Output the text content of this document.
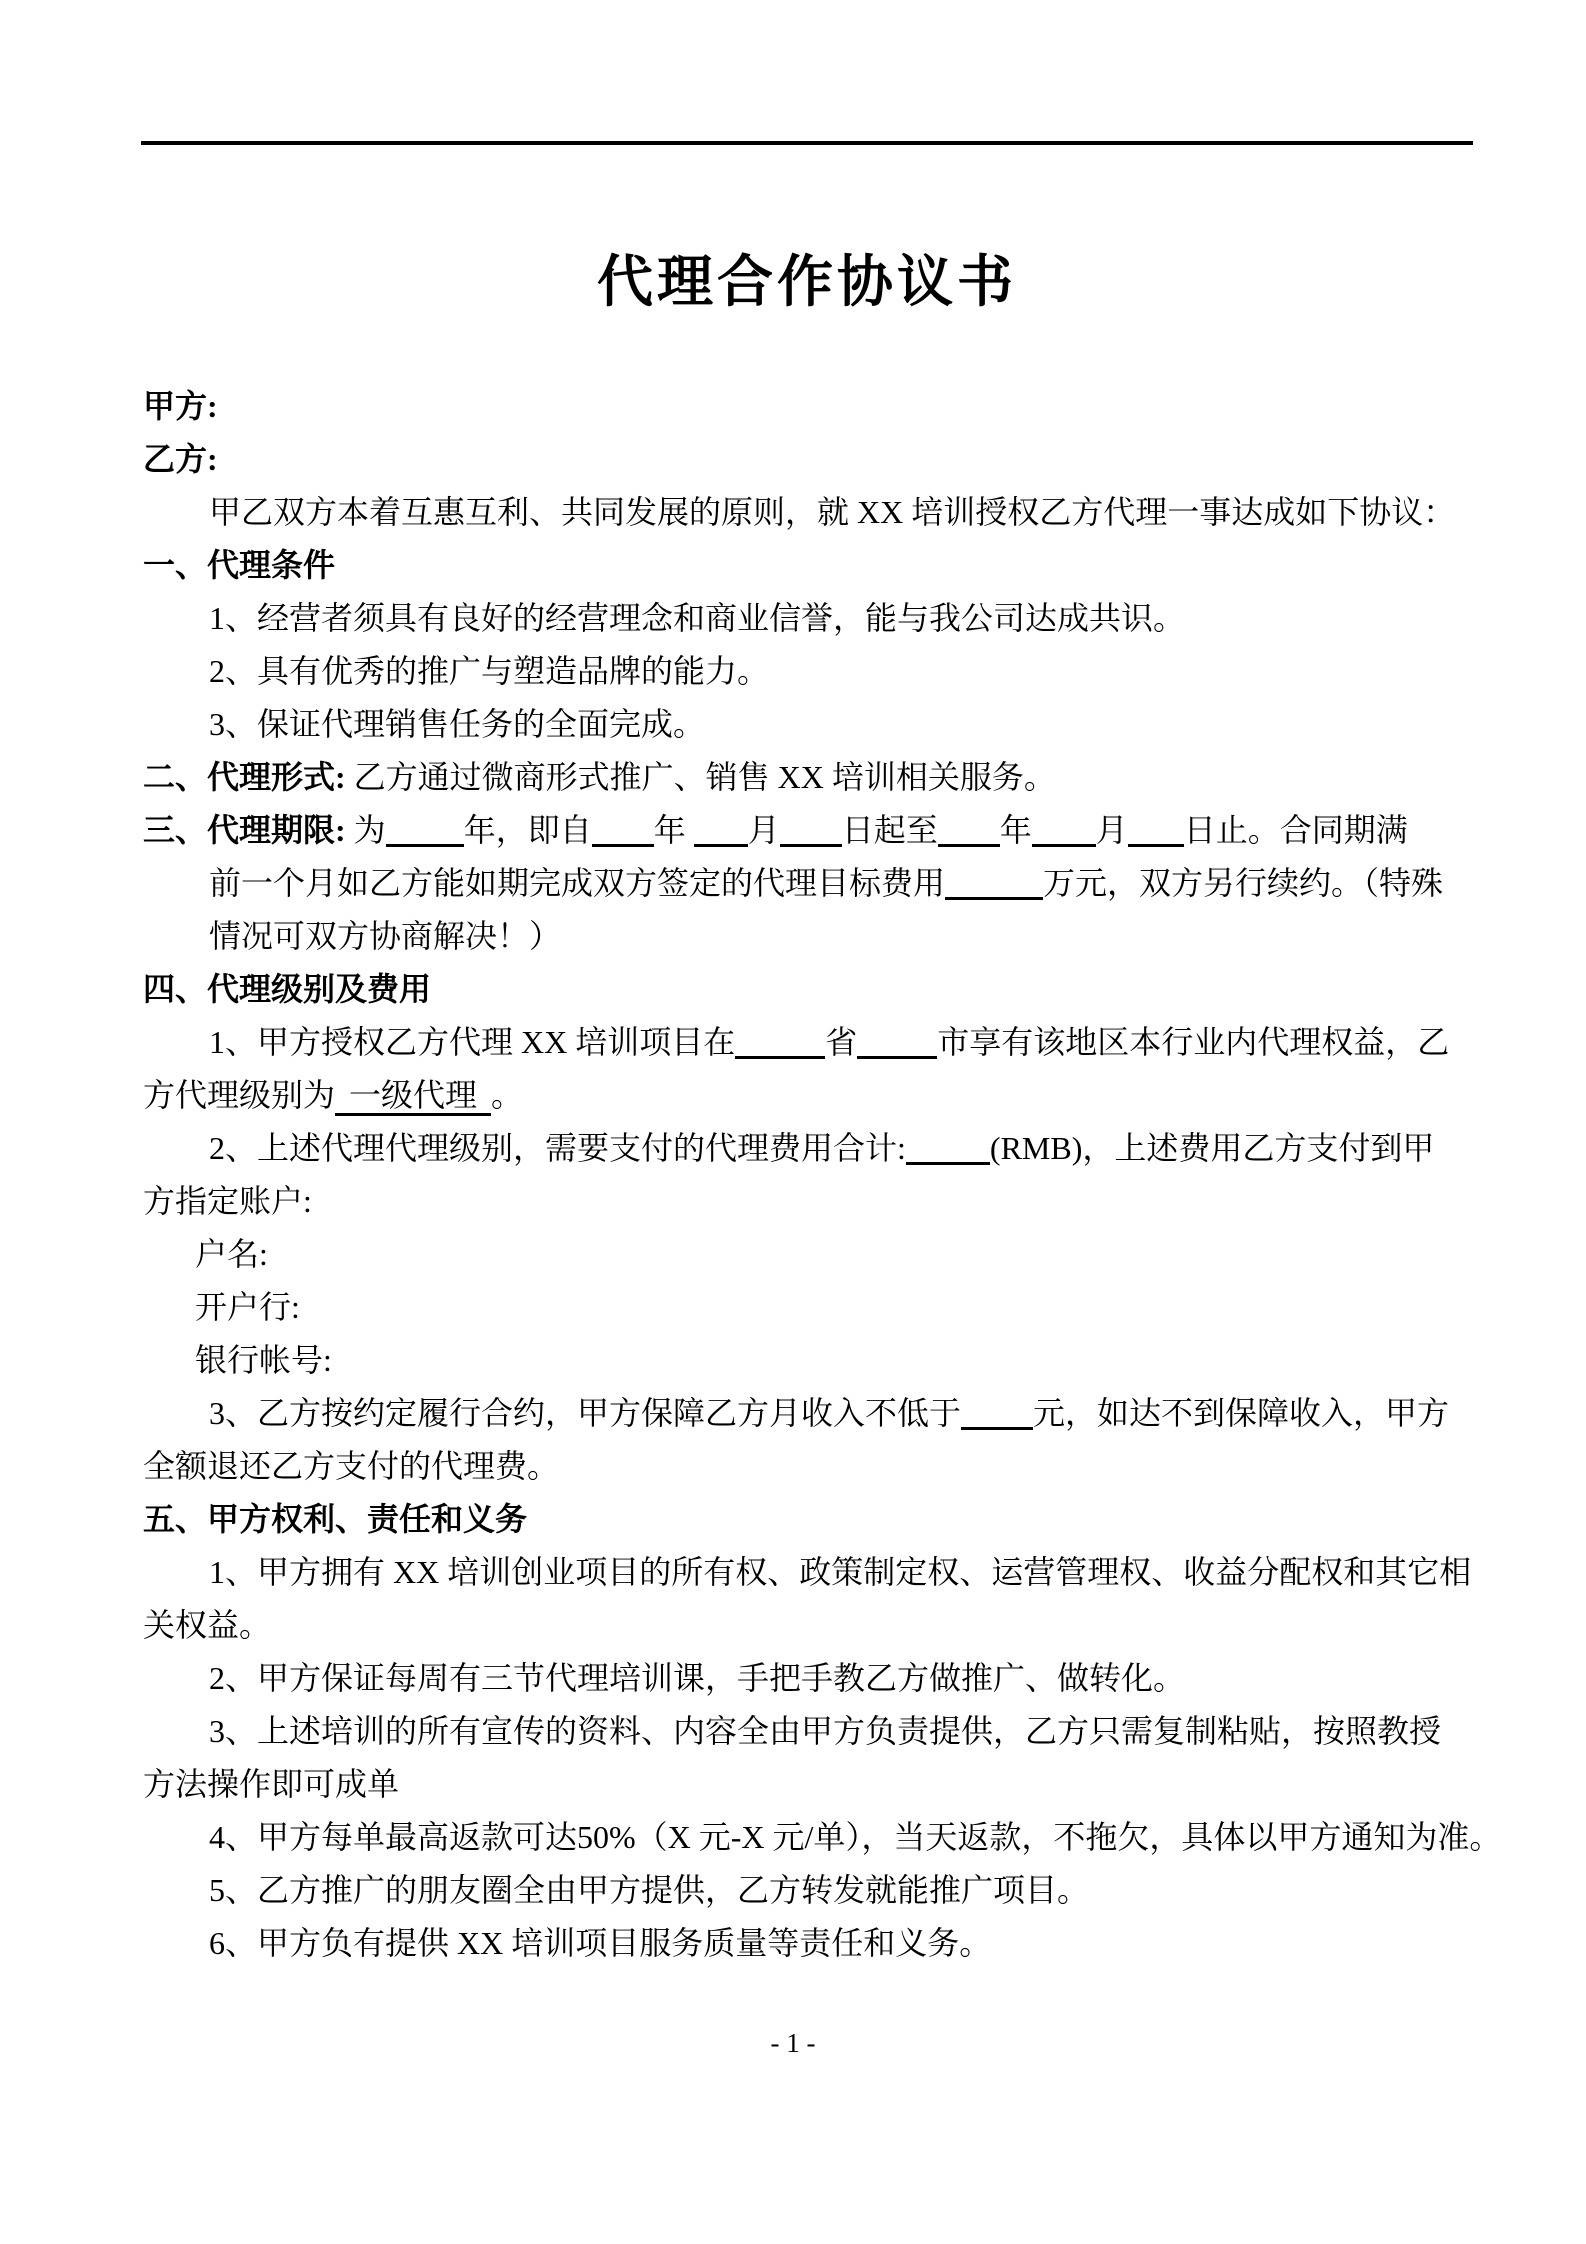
代理合作协议书
甲方:
乙方:
甲乙双方本着互惠互利、共同发展的原则，就 XX 培训授权乙方代理一事达成如下协议：
一、代理条件
1、经营者须具有良好的经营理念和商业信誉，能与我公司达成共识。
2、具有优秀的推广与塑造品牌的能力。
3、保证代理销售任务的全面完成。
二、代理形式: 乙方通过微商形式推广、销售 XX 培训相关服务。
三、代理期限: 为 年，即自 年 月 日起至 年 月 日止。合同期满
前一个月如乙方能如期完成双方签定的代理目标费用	万元，双方另行续约。（特殊
情况可双方协商解决！）
四、代理级别及费用
1、甲方授权乙方代理 XX 培训项目在	省	市享有该地区本行业内代理权益，乙
方代理级别为 一级代理 。
2、上述代理代理级别，需要支付的代理费用合计:	(RMB)，上述费用乙方支付到甲
方指定账户:
户名:
开户行:
银行帐号:
3、乙方按约定履行合约，甲方保障乙方月收入不低于 元，如达不到保障收入，甲方
全额退还乙方支付的代理费。
五、甲方权利、责任和义务
1、甲方拥有 XX 培训创业项目的所有权、政策制定权、运营管理权、收益分配权和其它相
关权益。
2、甲方保证每周有三节代理培训课，手把手教乙方做推广、做转化。
3、上述培训的所有宣传的资料、内容全由甲方负责提供，乙方只需复制粘贴，按照教授
方法操作即可成单
4、甲方每单最高返款可达50%（X 元-X 元/单），当天返款，不拖欠，具体以甲方通知为准。
5、乙方推广的朋友圈全由甲方提供，乙方转发就能推广项目。
6、甲方负有提供 XX 培训项目服务质量等责任和义务。
- 1 -
